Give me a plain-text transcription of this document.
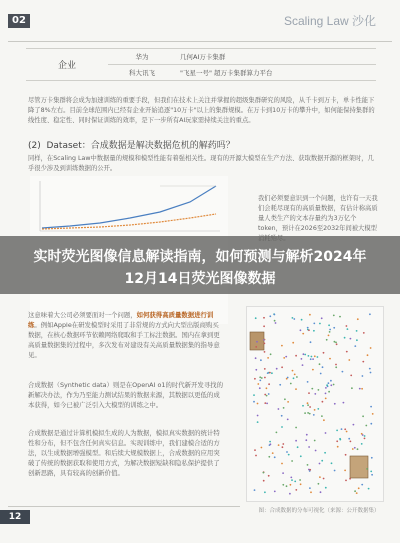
02	Scaling Law 沙化
企业	华为	几何AI万卡集群
	科大讯飞	"飞星一号" 超万卡集群算力平台
尽管万卡集群将会成为加速训练的重要手段，但我们在技术上关注并掌握的超级集群研究的风险，从千卡到万卡，单卡性能下降了8%左右。目前全球范围内已经有企业开始追逐"10万卡"以上的集群规模。在万卡到10万卡的攀升中，如何能保持集群的线性度、稳定性、同时保证训练的效率，是下一步所有AI玩家需持续关注的重点。
(2) Dataset：合成数据是解决数据危机的解药吗？
同样，在Scaling Law中数据量的规模和模型性能有着强相关性。现有的开源大模型在生产方法、获取数据开源的框架时，几乎很少涉及到训练数据的公开。
我们必须要意识到一个问题，也许有一天我们会耗尽现有的高质量数据，有估计称高质量人类生产的文本存量约为3万亿个token，预计在2026至2032年间被大模型
实时荧光图像信息解读指南，如何预测与解析2024年
12月14日荧光图像数据
这意味着大公司必须要面对一个问题，如何获得高质量数据进行训练。例如Apple在研发模型时采用了非常规的方式向大型出版商购买数据，在核心数据环节依赖网络爬取和手工标注数据。国内在拿到更高质量数据集的过程中，多次发布对建设有关高质量数据集的指导意见。
合成数据（Synthetic data）则是在OpenAI o1的时代新开发寻找的新解决办法，作为乃至能力测试结果的数据来源，其数据以更低的成本获得，如今已被广泛引入大模型的训练之中。
合成数据是通过计算机模拟生成的人为数据，模拟真实数据的统计特性和分布，但不包含任何真实信息。实现训练中，我们建模合适的方法，以生成数据增强模型。和后续大规模数据上，合成数据的应用突破了传统的数据获取和使用方式，为解决数据短缺和隐私保护提供了创新思路，具有较高的创新价值。
图：合成数据的分布可视化（来源：公开数据集）
12
